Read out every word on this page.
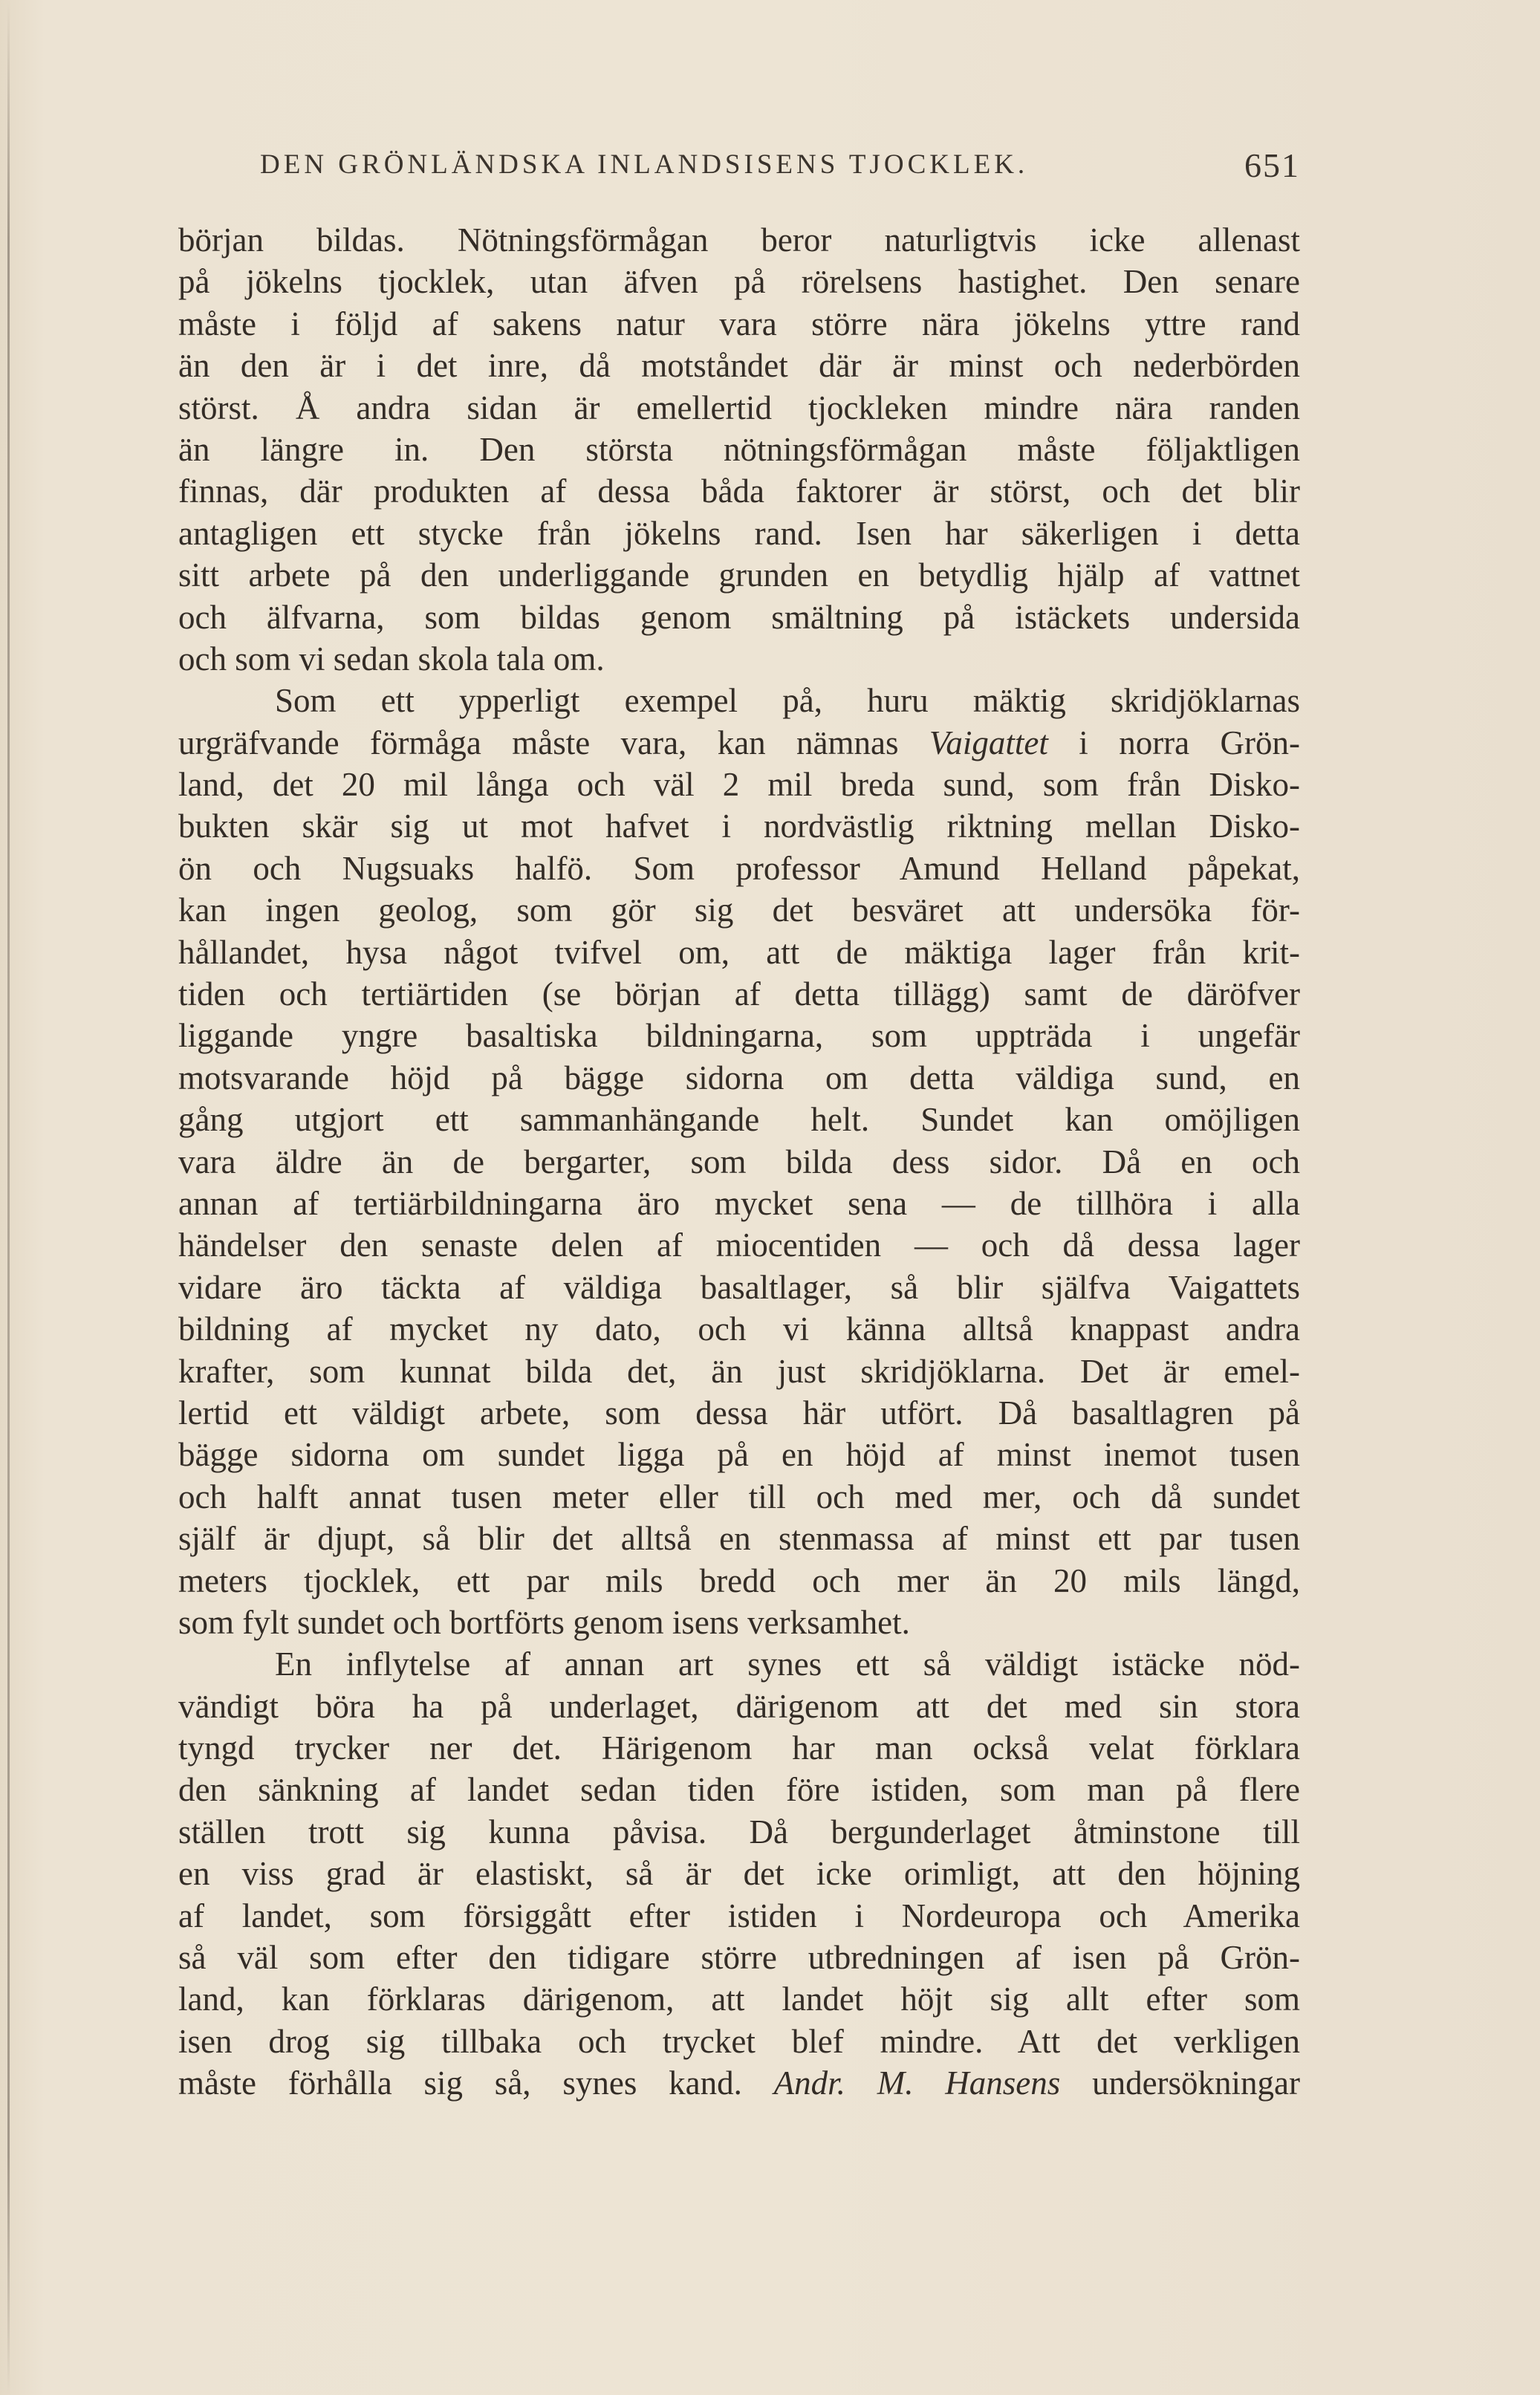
DEN GRÖNLÄNDSKA INLANDSISENS TJOCKLEK.	651
början bildas. Nötningsförmågan beror naturligtvis icke allenast
på jökelns tjocklek, utan äfven på rörelsens hastighet. Den senare
måste i följd af sakens natur vara större nära jökelns yttre rand
än den är i det inre, då motståndet där är minst och nederbörden
störst. Å andra sidan är emellertid tjockleken mindre nära randen
än längre in. Den största nötningsförmågan måste följaktligen
finnas, där produkten af dessa båda faktorer är störst, och det blir
antagligen ett stycke från jökelns rand. Isen har säkerligen i detta
sitt arbete på den underliggande grunden en betydlig hjälp af vattnet
och älfvarna, som bildas genom smältning på istäckets undersida
och som vi sedan skola tala om.
Som ett ypperligt exempel på, huru mäktig skridjöklarnas
urgräfvande förmåga måste vara, kan nämnas Vaigattet i norra Grön-
land, det 20 mil långa och väl 2 mil breda sund, som från Disko-
bukten skär sig ut mot hafvet i nordvästlig riktning mellan Disko-
ön och Nugsuaks halfö. Som professor Amund Helland påpekat,
kan ingen geolog, som gör sig det besväret att undersöka för-
hållandet, hysa något tvifvel om, att de mäktiga lager från krit-
tiden och tertiärtiden (se början af detta tillägg) samt de däröfver
liggande yngre basaltiska bildningarna, som uppträda i ungefär
motsvarande höjd på bägge sidorna om detta väldiga sund, en
gång utgjort ett sammanhängande helt. Sundet kan omöjligen
vara äldre än de bergarter, som bilda dess sidor. Då en och
annan af tertiärbildningarna äro mycket sena — de tillhöra i alla
händelser den senaste delen af miocentiden — och då dessa lager
vidare äro täckta af väldiga basaltlager, så blir själfva Vaigattets
bildning af mycket ny dato, och vi känna alltså knappast andra
krafter, som kunnat bilda det, än just skridjöklarna. Det är emel-
lertid ett väldigt arbete, som dessa här utfört. Då basaltlagren på
bägge sidorna om sundet ligga på en höjd af minst inemot tusen
och halft annat tusen meter eller till och med mer, och då sundet
själf är djupt, så blir det alltså en stenmassa af minst ett par tusen
meters tjocklek, ett par mils bredd och mer än 20 mils längd,
som fylt sundet och bortförts genom isens verksamhet.
En inflytelse af annan art synes ett så väldigt istäcke nöd-
vändigt böra ha på underlaget, därigenom att det med sin stora
tyngd trycker ner det. Härigenom har man också velat förklara
den sänkning af landet sedan tiden före istiden, som man på flere
ställen trott sig kunna påvisa. Då bergunderlaget åtminstone till
en viss grad är elastiskt, så är det icke orimligt, att den höjning
af landet, som försiggått efter istiden i Nordeuropa och Amerika
så väl som efter den tidigare större utbredningen af isen på Grön-
land, kan förklaras därigenom, att landet höjt sig allt efter som
isen drog sig tillbaka och trycket blef mindre. Att det verkligen
måste förhålla sig så, synes kand. Andr. M. Hansens undersökningar
